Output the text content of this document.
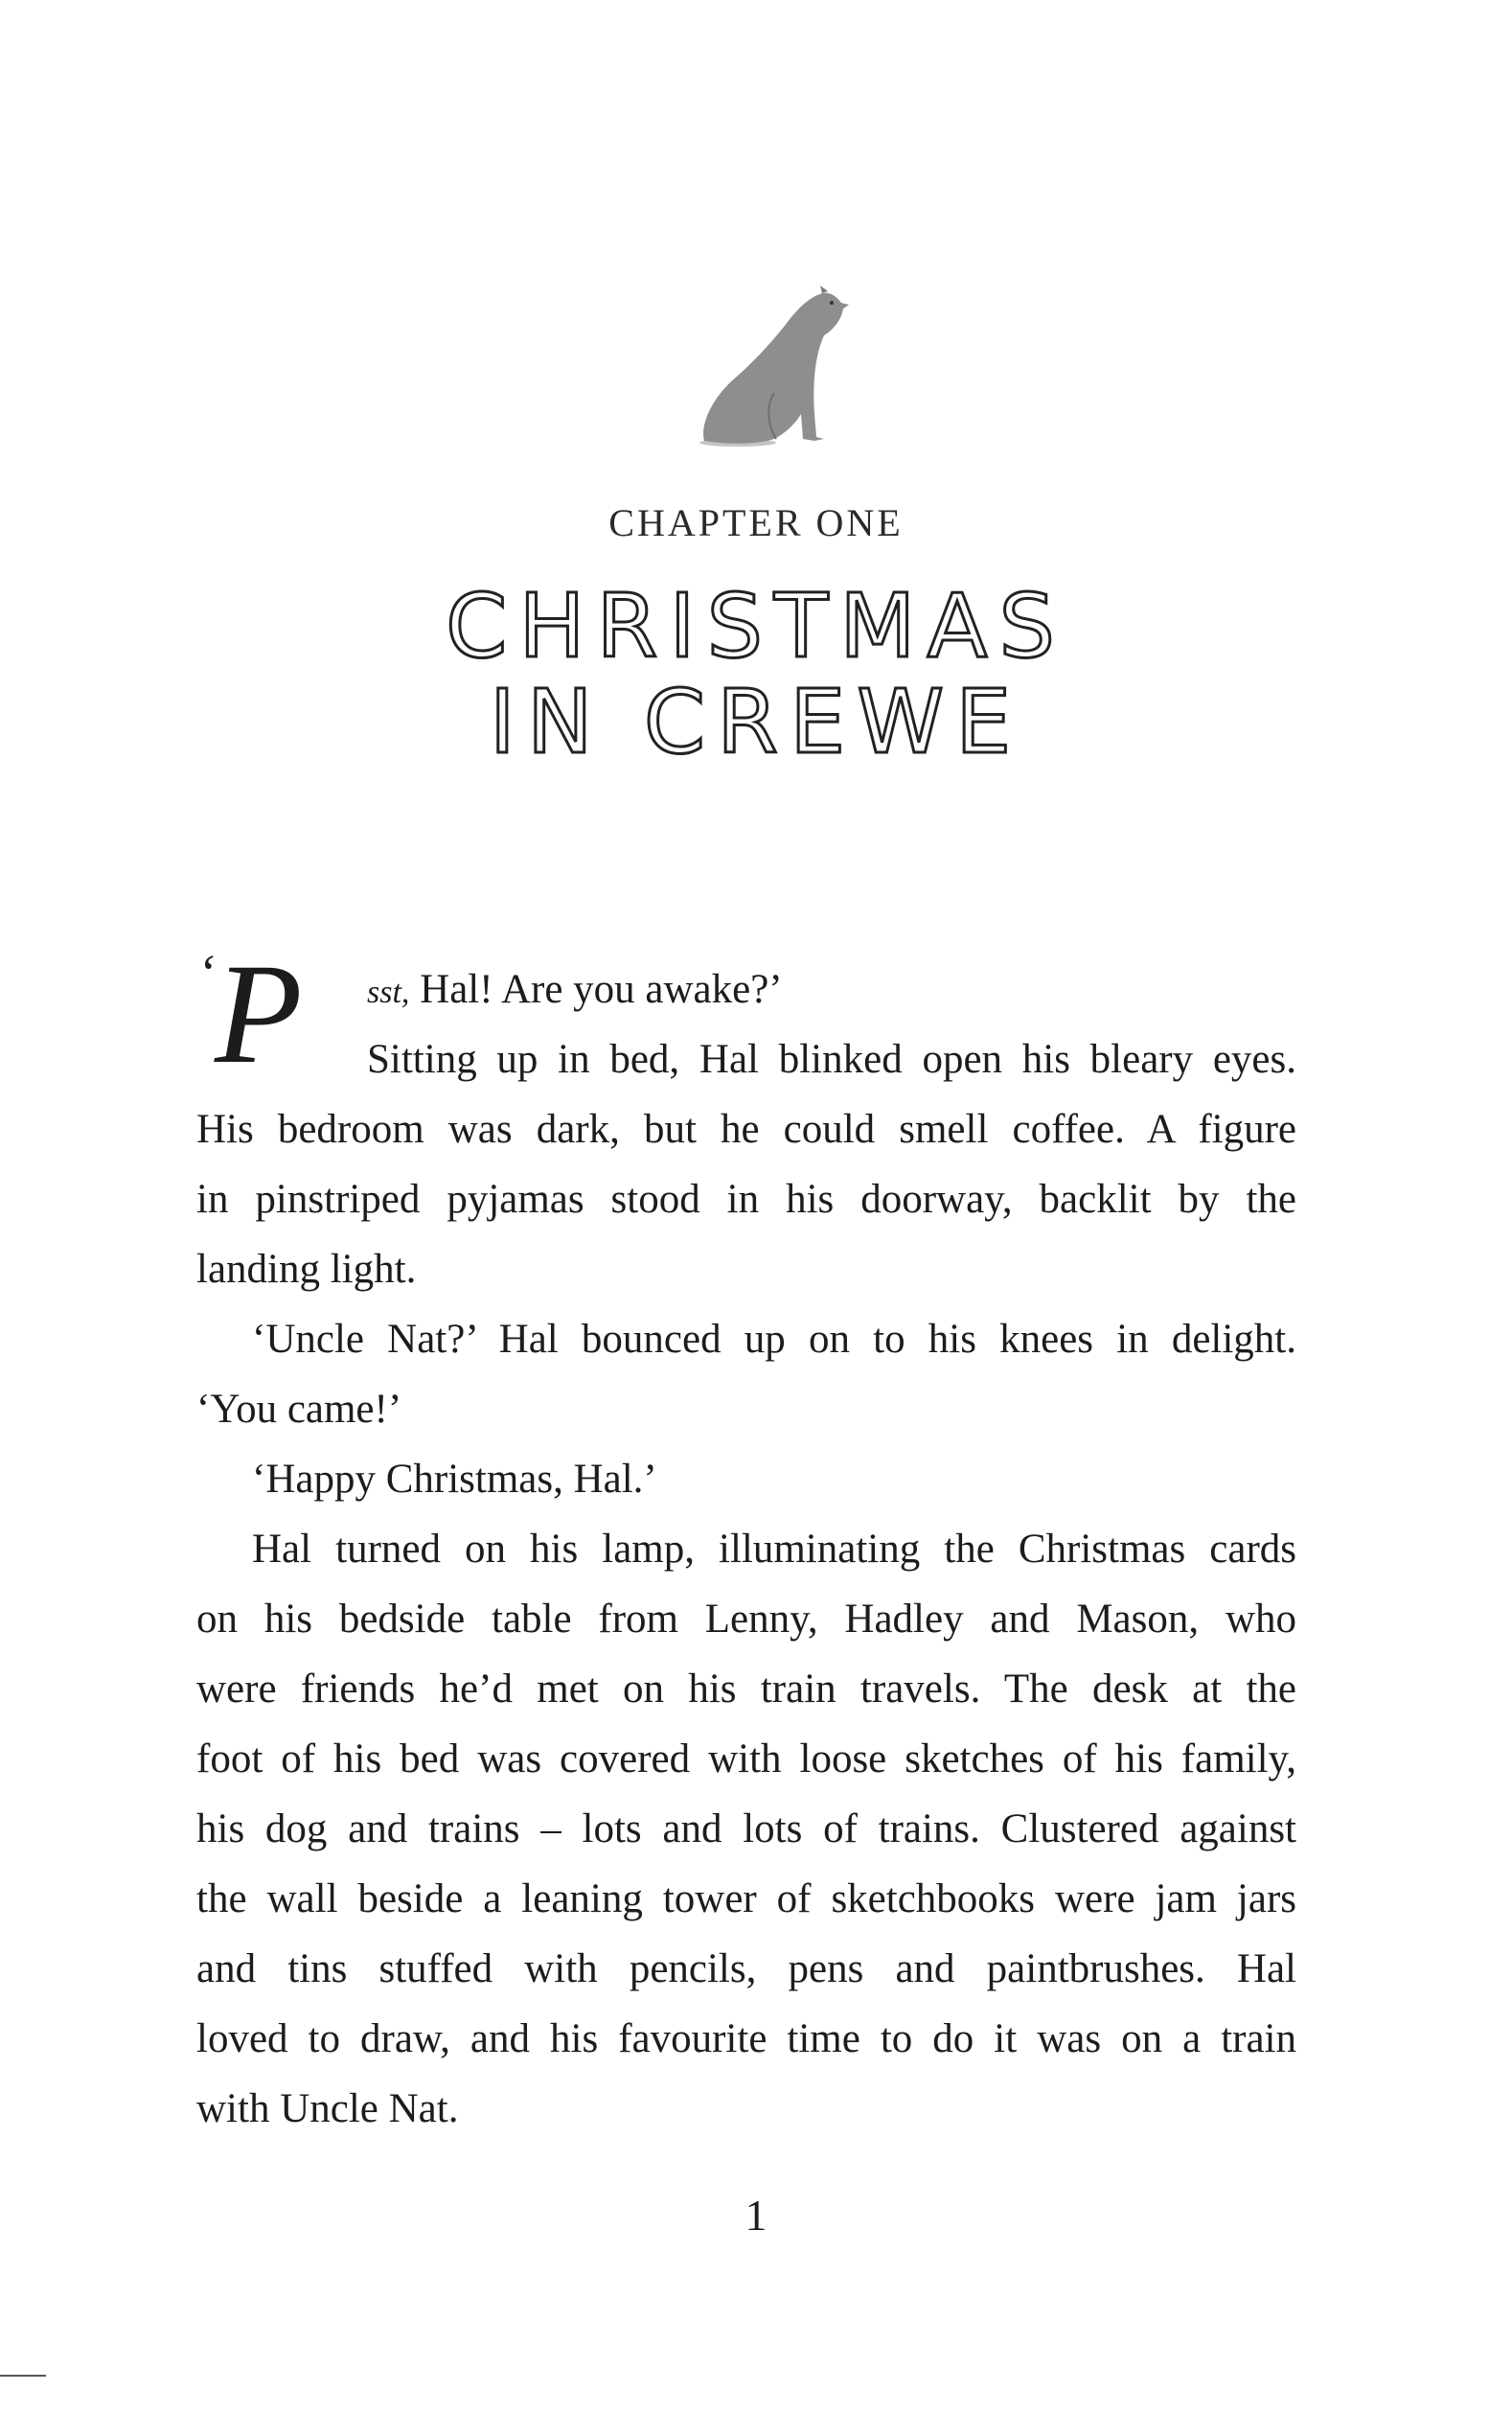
CHAPTER ONE
CHRISTMAS
IN CREWE
‘ P	sst, Hal! Are you awake?’
Sitting up in bed, Hal blinked open his bleary eyes.
His bedroom was dark, but he could smell coffee. A figure
in pinstriped pyjamas stood in his doorway, backlit by the
landing light.
‘Uncle Nat?’ Hal bounced up on to his knees in delight.
‘You came!’
‘Happy Christmas, Hal.’
Hal turned on his lamp, illuminating the Christmas cards
on his bedside table from Lenny, Hadley and Mason, who
were friends he’d met on his train travels. The desk at the
foot of his bed was covered with loose sketches of his family,
his dog and trains – lots and lots of trains. Clustered against
the wall beside a leaning tower of sketchbooks were jam jars
and tins stuffed with pencils, pens and paintbrushes. Hal
loved to draw, and his favourite time to do it was on a train
with Uncle Nat.
1
